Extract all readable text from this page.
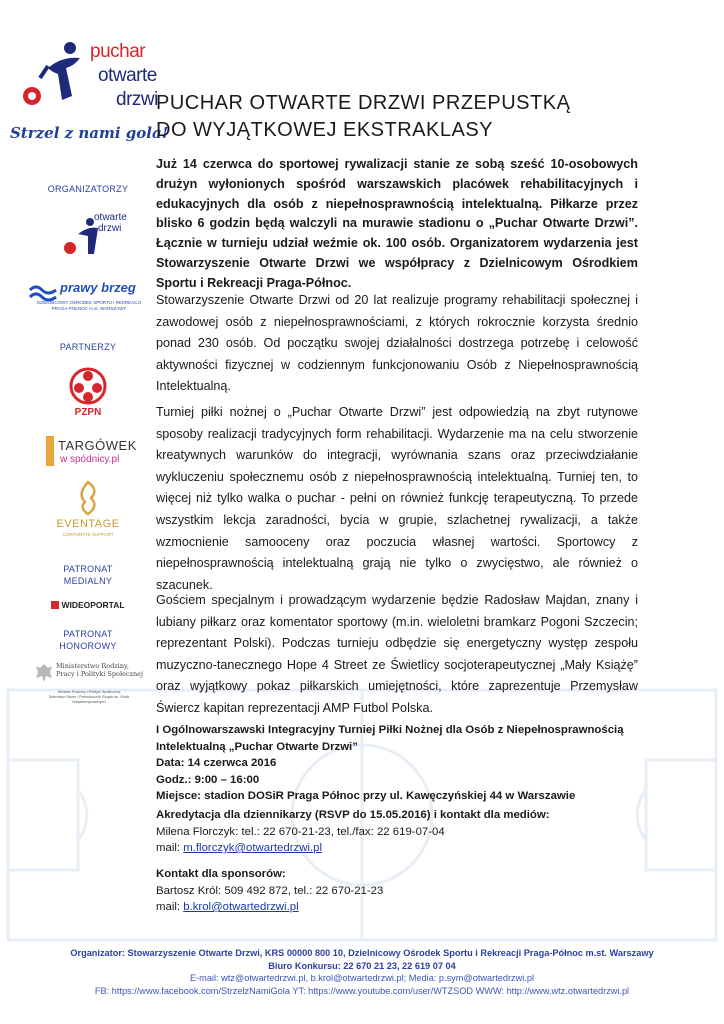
puchar
otwarte
drzwi
Strzel z nami gola!
PUCHAR OTWARTE DRZWI PRZEPUSTKĄ
DO WYJĄTKOWEJ EKSTRAKLASY
ORGANIZATORZY
otwarte
drzwi
prawy brzeg
DZIELNICOWY OŚRODEK SPORTU I REKREACJI PRAGA-PÓŁNOC m.st. WARSZAWY
PARTNERZY
PZPN
TARGÓWEK
w spódnicy.pl
EVENTAGE
CORPORATE SUPPORT
PATRONAT
MEDIALNY
WIDEOPORTAL
PATRONAT
HONOROWY
Ministerstwo Rodziny,
Pracy i Polityki Społecznej
Minister Rodziny i Polityki Społecznej
Sekretarz Stanu / Pełnomocnik Rządu ds. Osób Niepełnosprawnych
Już 14 czerwca do sportowej rywalizacji stanie ze sobą sześć 10-osobowych drużyn wyłonionych spośród warszawskich placówek rehabilitacyjnych i edukacyjnych dla osób z niepełnosprawnością intelektualną. Piłkarze przez blisko 6 godzin będą walczyli na murawie stadionu o „Puchar Otwarte Drzwi”. Łącznie w turnieju udział weźmie ok. 100 osób. Organizatorem wydarzenia jest Stowarzyszenie Otwarte Drzwi we współpracy z Dzielnicowym Ośrodkiem Sportu i Rekreacji Praga-Północ.
Stowarzyszenie Otwarte Drzwi od 20 lat realizuje programy rehabilitacji społecznej i zawodowej osób z niepełnosprawnościami, z których rokrocznie korzysta średnio ponad 230 osób. Od początku swojej działalności dostrzega potrzebę i celowość aktywności fizycznej w codziennym funkcjonowaniu Osób z Niepełnosprawnością Intelektualną.
Turniej piłki nożnej o „Puchar Otwarte Drzwi” jest odpowiedzią na zbyt rutynowe sposoby realizacji tradycyjnych form rehabilitacji. Wydarzenie ma na celu stworzenie kreatywnych warunków do integracji, wyrównania szans oraz przeciwdziałanie wykluczeniu społecznemu osób z niepełnosprawnością intelektualną. Turniej ten, to więcej niż tylko walka o puchar - pełni on również funkcję terapeutyczną. To przede wszystkim lekcja zaradności, bycia w grupie, szlachetnej rywalizacji, a także wzmocnienie samooceny oraz poczucia własnej wartości. Sportowcy z niepełnosprawnością intelektualną grają nie tylko o zwycięstwo, ale również o szacunek.
Gościem specjalnym i prowadzącym wydarzenie będzie Radosław Majdan, znany i lubiany piłkarz oraz komentator sportowy (m.in. wieloletni bramkarz Pogoni Szczecin; reprezentant Polski). Podczas turnieju odbędzie się energetyczny występ zespołu muzyczno-tanecznego Hope 4 Street ze Świetlicy socjoterapeutycznej „Mały Książę” oraz wyjątkowy pokaz piłkarskich umiejętności, które zaprezentuje Przemysław Świercz kapitan reprezentacji AMP Futbol Polska.
I Ogólnowarszawski Integracyjny Turniej Piłki Nożnej dla Osób z Niepełnosprawnością
Intelektualną „Puchar Otwarte Drzwi”
Data: 14 czerwca 2016
Godz.: 9:00 – 16:00
Miejsce: stadion DOSiR Praga Północ przy ul. Kawęczyńskiej 44 w Warszawie
Akredytacja dla dziennikarzy (RSVP do 15.05.2016) i kontakt dla mediów:
Milena Florczyk: tel.: 22 670-21-23, tel./fax: 22 619-07-04
mail: m.florczyk@otwartedrzwi.pl
Kontakt dla sponsorów:
Bartosz Król: 509 492 872, tel.: 22 670-21-23
mail: b.krol@otwartedrzwi.pl
Organizator: Stowarzyszenie Otwarte Drzwi, KRS 00000 800 10, Dzielnicowy Ośrodek Sportu i Rekreacji Praga-Północ m.st. Warszawy
Biuro Konkursu: 22 670 21 23, 22 619 07 04
E-mail: wtz@otwartedrzwi.pl, b.krol@otwartedrzwi.pl; Media: p.sym@otwartedrzwi.pl
FB: https://www.facebook.com/StrzelzNamiGola YT: https://www.youtube.com/user/WTZSOD WWW: http://www.wtz.otwartedrzwi.pl
